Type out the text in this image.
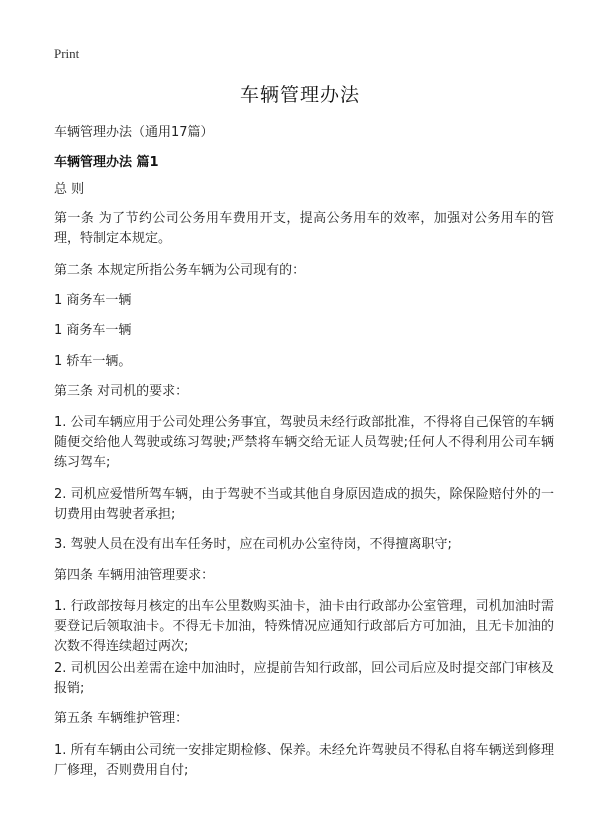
Print
车辆管理办法
车辆管理办法（通用17篇）
车辆管理办法 篇1

总 则

第一条 为了节约公司公务用车费用开支，提高公务用车的效率，加强对公务用车的管理，特制定本规定。

第二条 本规定所指公务车辆为公司现有的：

1 商务车一辆

1 商务车一辆

1 轿车一辆。

第三条 对司机的要求：

1. 公司车辆应用于公司处理公务事宜，驾驶员未经行政部批准，不得将自己保管的车辆随便交给他人驾驶或练习驾驶;严禁将车辆交给无证人员驾驶;任何人不得利用公司车辆练习驾车;

2. 司机应爱惜所驾车辆，由于驾驶不当或其他自身原因造成的损失，除保险赔付外的一切费用由驾驶者承担;

3. 驾驶人员在没有出车任务时，应在司机办公室待岗，不得擅离职守;

第四条 车辆用油管理要求：

1. 行政部按每月核定的出车公里数购买油卡，油卡由行政部办公室管理，司机加油时需要登记后领取油卡。不得无卡加油，特殊情况应通知行政部后方可加油，且无卡加油的次数不得连续超过两次;

2. 司机因公出差需在途中加油时，应提前告知行政部，回公司后应及时提交部门审核及报销;

第五条 车辆维护管理：

1. 所有车辆由公司统一安排定期检修、保养。未经允许驾驶员不得私自将车辆送到修理厂修理，否则费用自付;
